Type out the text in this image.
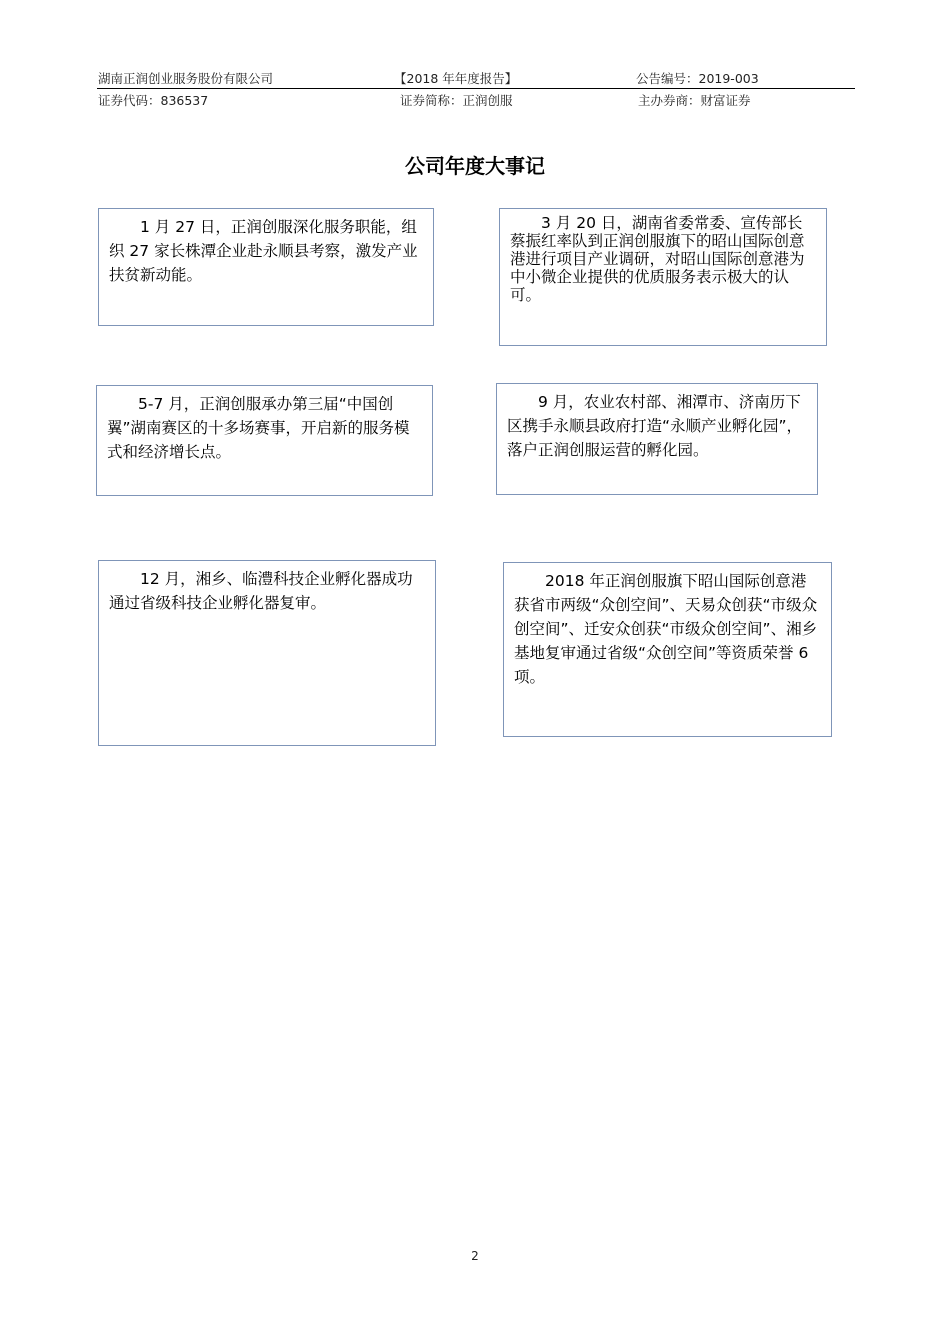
湖南正润创业服务股份有限公司	【2018 年年度报告】	公告编号：2019-003
证券代码：836537	证券简称：正润创服	主办券商：财富证券
公司年度大事记

1 月 27 日，正润创服深化服务职能，组织 27 家长株潭企业赴永顺县考察，激发产业扶贫新动能。

3 月 20 日，湖南省委常委、宣传部长蔡振红率队到正润创服旗下的昭山国际创意港进行项目产业调研，对昭山国际创意港为中小微企业提供的优质服务表示极大的认可。

5-7 月，正润创服承办第三届“中国创翼”湖南赛区的十多场赛事，开启新的服务模式和经济增长点。

9 月，农业农村部、湘潭市、济南历下区携手永顺县政府打造“永顺产业孵化园”，落户正润创服运营的孵化园。

12 月，湘乡、临澧科技企业孵化器成功通过省级科技企业孵化器复审。

2018 年正润创服旗下昭山国际创意港获省市两级“众创空间”、天易众创获“市级众创空间”、迁安众创获“市级众创空间”、湘乡基地复审通过省级“众创空间”等资质荣誉 6 项。

2
